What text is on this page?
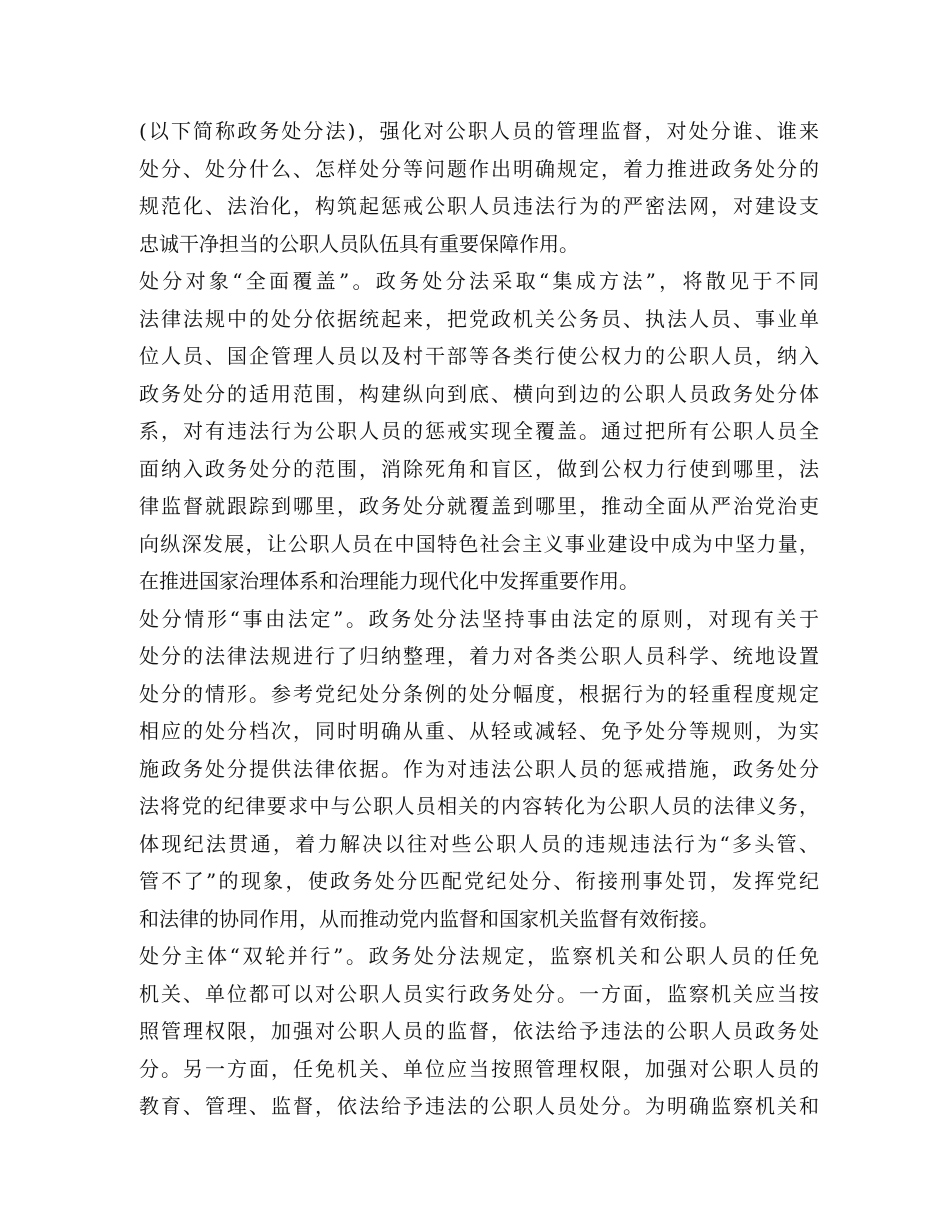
(以下简称政务处分法)，强化对公职人员的管理监督，对处分谁、谁来
处分、处分什么、怎样处分等问题作出明确规定，着力推进政务处分的
规范化、法治化，构筑起惩戒公职人员违法行为的严密法网，对建设支
忠诚干净担当的公职人员队伍具有重要保障作用。
处分对象“全面覆盖”。政务处分法采取“集成方法”，将散见于不同
法律法规中的处分依据统起来，把党政机关公务员、执法人员、事业单
位人员、国企管理人员以及村干部等各类行使公权力的公职人员，纳入
政务处分的适用范围，构建纵向到底、横向到边的公职人员政务处分体
系，对有违法行为公职人员的惩戒实现全覆盖。通过把所有公职人员全
面纳入政务处分的范围，消除死角和盲区，做到公权力行使到哪里，法
律监督就跟踪到哪里，政务处分就覆盖到哪里，推动全面从严治党治吏
向纵深发展，让公职人员在中国特色社会主义事业建设中成为中坚力量，
在推进国家治理体系和治理能力现代化中发挥重要作用。
处分情形“事由法定”。政务处分法坚持事由法定的原则，对现有关于
处分的法律法规进行了归纳整理，着力对各类公职人员科学、统地设置
处分的情形。参考党纪处分条例的处分幅度，根据行为的轻重程度规定
相应的处分档次，同时明确从重、从轻或减轻、免予处分等规则，为实
施政务处分提供法律依据。作为对违法公职人员的惩戒措施，政务处分
法将党的纪律要求中与公职人员相关的内容转化为公职人员的法律义务，
体现纪法贯通，着力解决以往对些公职人员的违规违法行为“多头管、
管不了”的现象，使政务处分匹配党纪处分、衔接刑事处罚，发挥党纪
和法律的协同作用，从而推动党内监督和国家机关监督有效衔接。
处分主体“双轮并行”。政务处分法规定，监察机关和公职人员的任免
机关、单位都可以对公职人员实行政务处分。一方面，监察机关应当按
照管理权限，加强对公职人员的监督，依法给予违法的公职人员政务处
分。另一方面，任免机关、单位应当按照管理权限，加强对公职人员的
教育、管理、监督，依法给予违法的公职人员处分。为明确监察机关和
